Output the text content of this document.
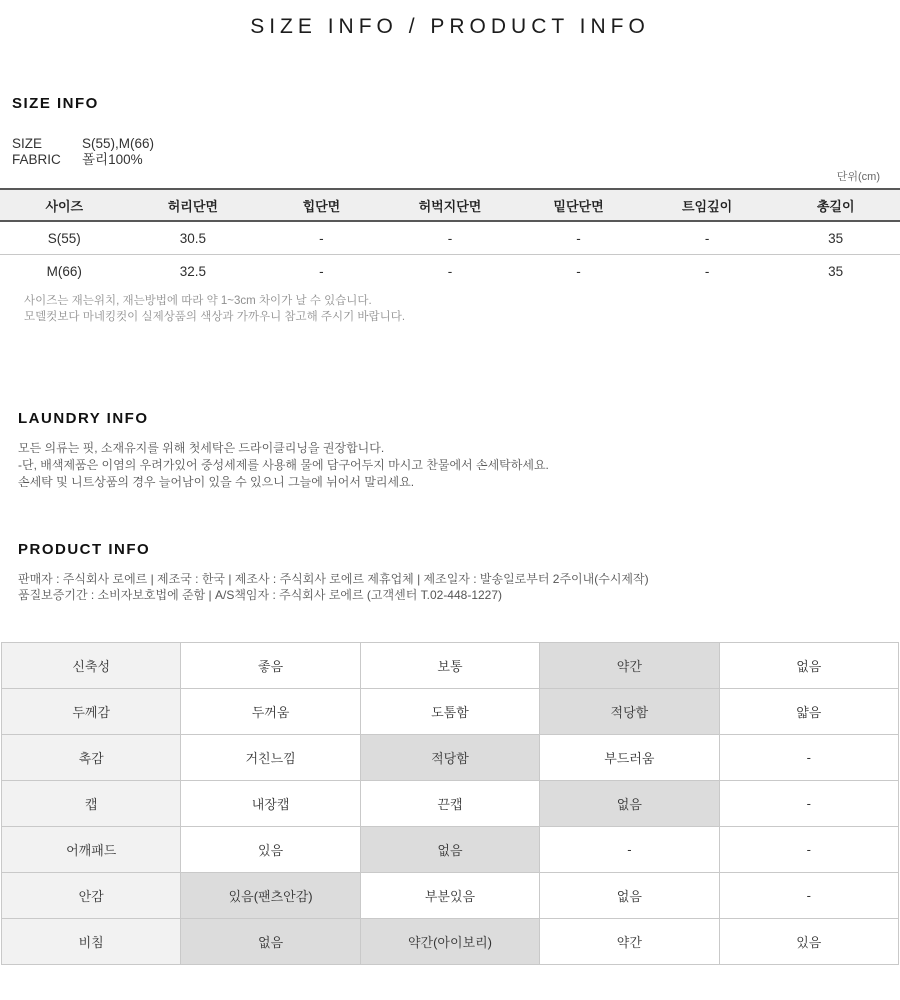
SIZE INFO / PRODUCT INFO
SIZE INFO
SIZE	S(55),M(66)
FABRIC 폴리100%
단위(cm)
사이즈	허리단면	힙단면	허벅지단면	밑단단면	트임깊이	총길이
S(55)	30.5	-	-	-	-	35
M(66)	32.5	-	-	-	-	35
사이즈는 재는위치, 재는방법에 따라 약 1~3cm 차이가 날 수 있습니다.
모델컷보다 마네킹컷이 실제상품의 색상과 가까우니 참고해 주시기 바랍니다.
LAUNDRY INFO
모든 의류는 핏, 소재유지를 위해 첫세탁은 드라이클리닝을 권장합니다.
-단, 배색제품은 이염의 우려가있어 중성세제를 사용해 물에 담구어두지 마시고 찬물에서 손세탁하세요.
손세탁 및 니트상품의 경우 늘어남이 있을 수 있으니 그늘에 뉘어서 말리세요.
PRODUCT INFO
판매자 : 주식회사 로에르 | 제조국 : 한국 | 제조사 : 주식회사 로에르 제휴업체 | 제조일자 : 발송일로부터 2주이내(수시제작)
품질보증기간 : 소비자보호법에 준함 | A/S책임자 : 주식회사 로에르 (고객센터 T.02-448-1227)
신축성	좋음	보통	약간	없음
두께감	두꺼움	도톰함	적당함	얇음
촉감	거친느낌	적당함	부드러움	-
캡	내장캡	끈캡	없음	-
어깨패드	있음	없음	-	-
안감	있음(팬츠안감)	부분있음	없음	-
비침	없음	약간(아이보리)	약간	있음
